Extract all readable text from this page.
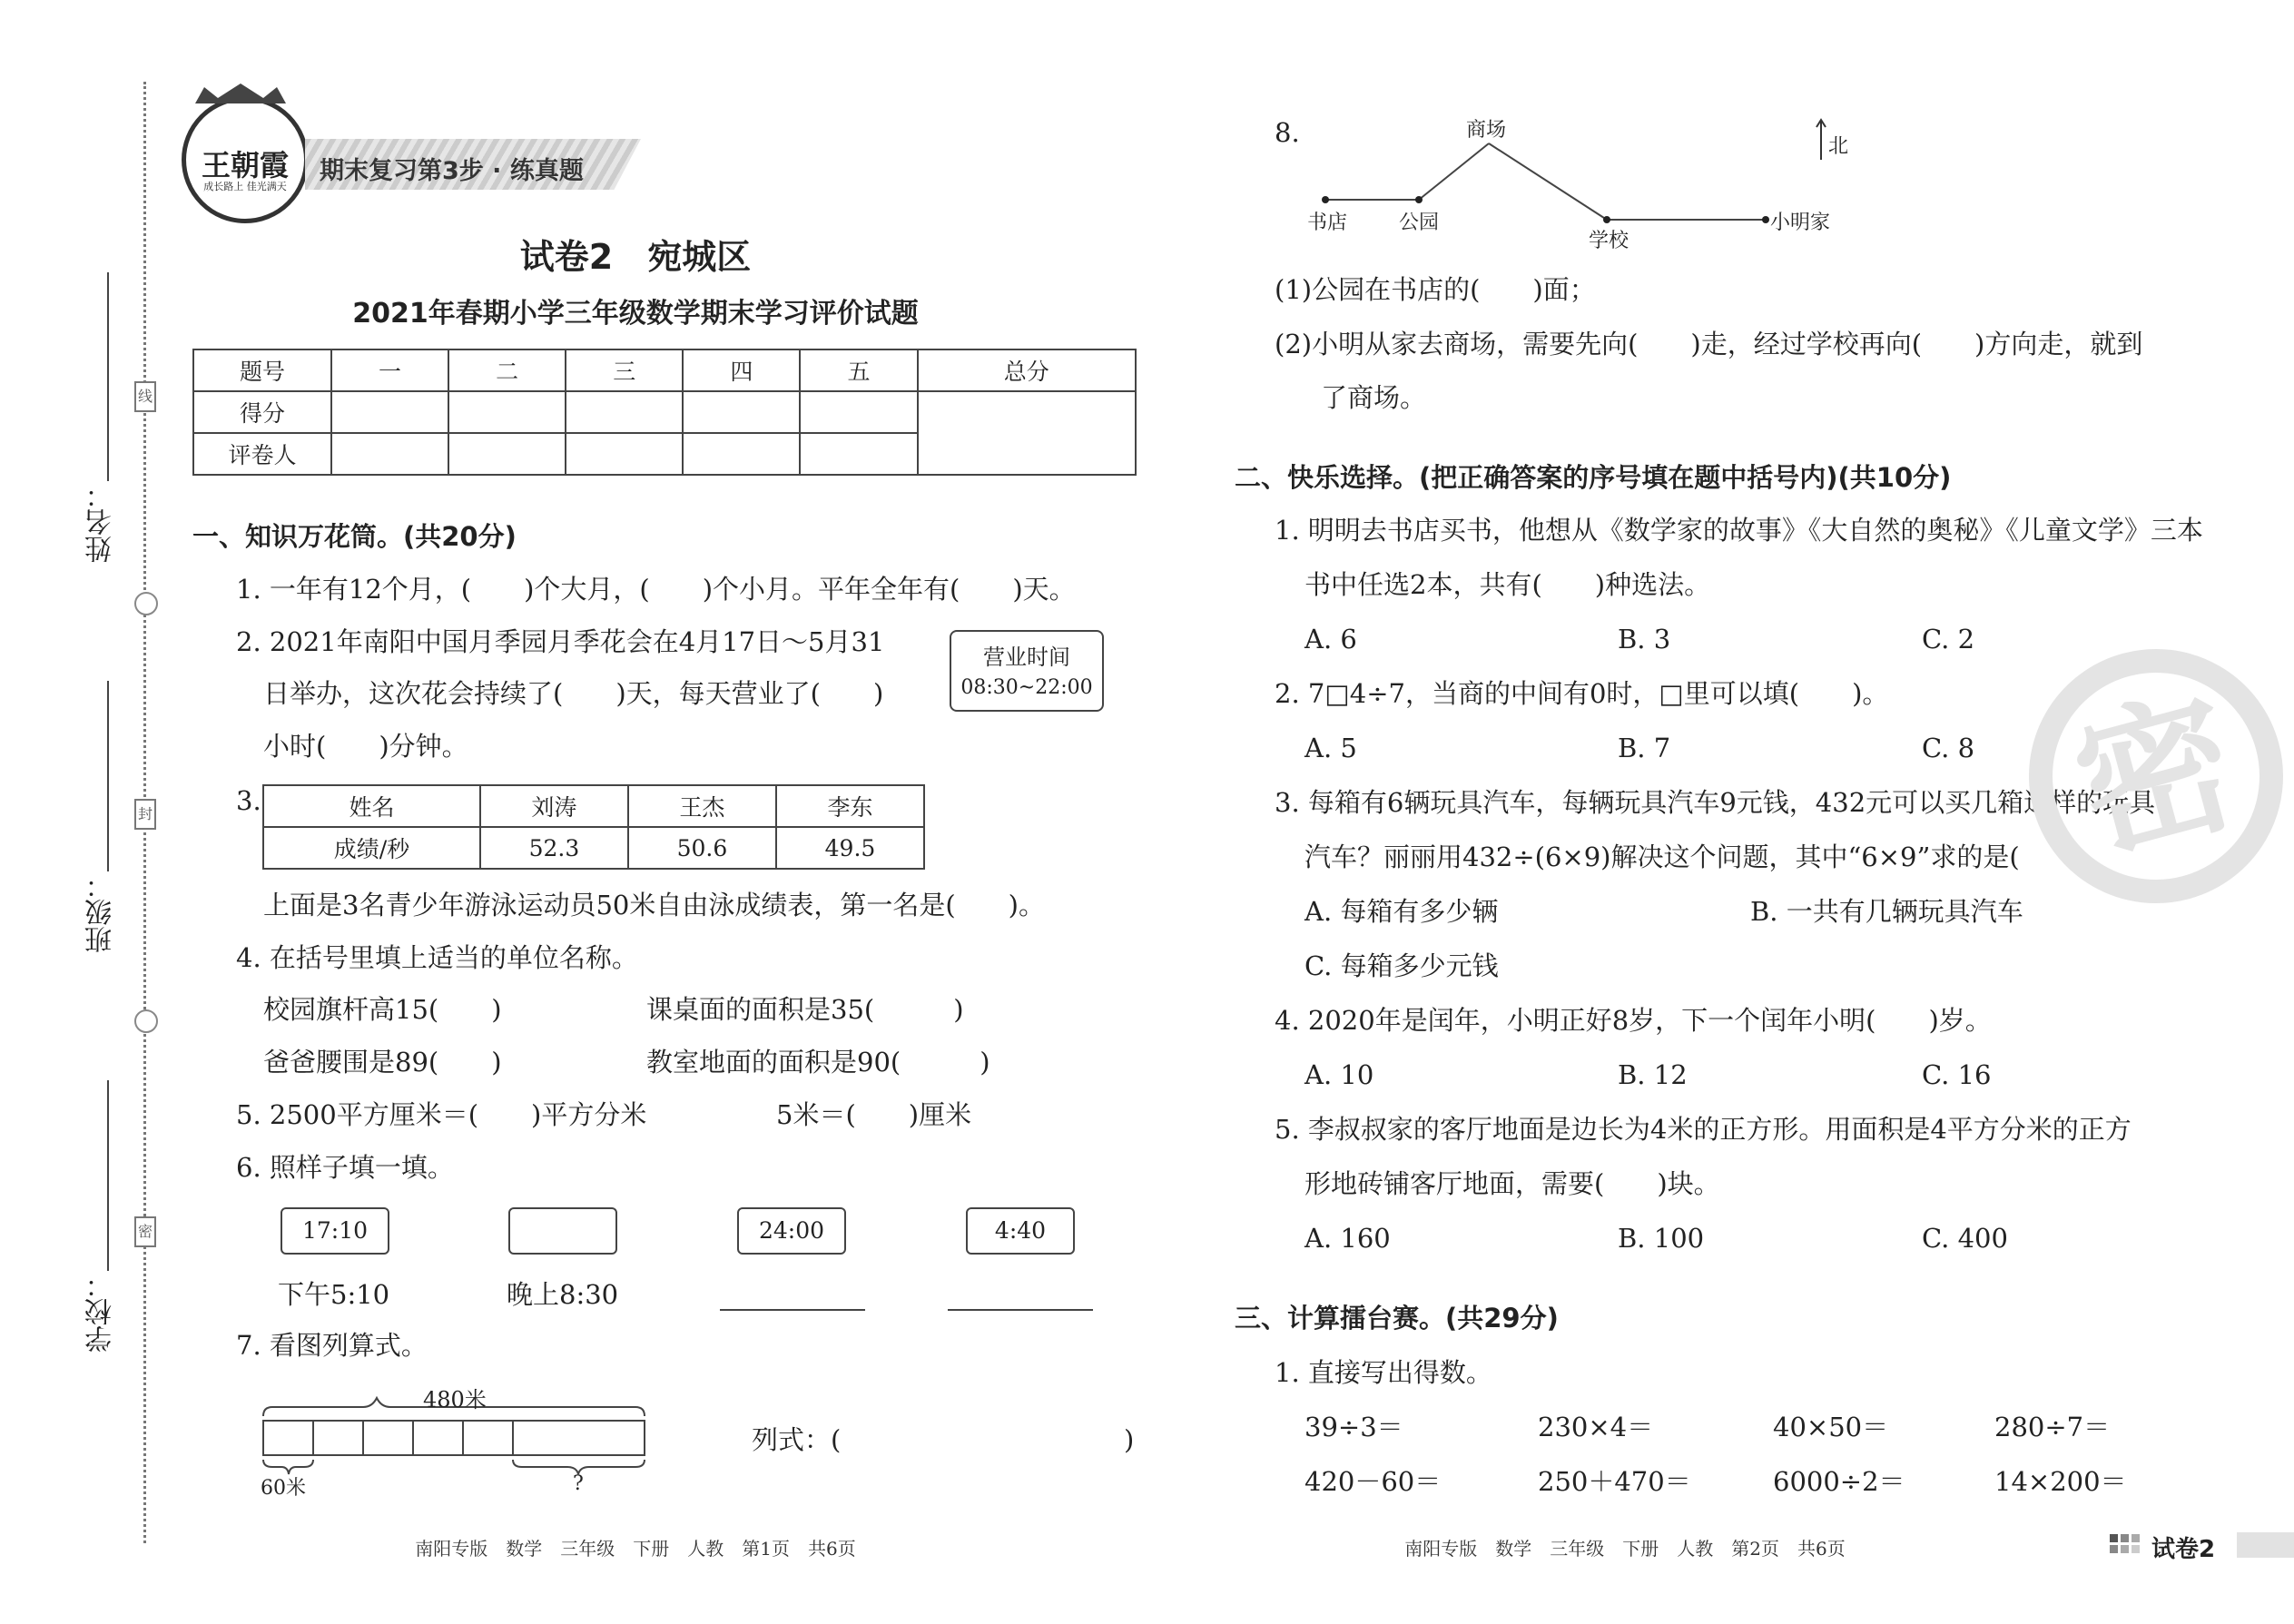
线
封
密
姓名：
班级：
学校：
王朝霞
成长路上 佳光满天
期末复习第3步 · 练真题
试卷2　宛城区
2021年春期小学三年级数学期末学习评价试题
题号	一	二	三	四	五	总分
得分						
评卷人						
一、知识万花筒。(共20分)
1. 一年有12个月，(　　)个大月，(　　)个小月。平年全年有(　　)天。
2. 2021年南阳中国月季园月季花会在4月17日～5月31
日举办，这次花会持续了(　　)天，每天营业了(　　)
小时(　　)分钟。
营业时间
08:30~22:00
3.	姓名	刘涛	王杰	李东
成绩/秒	52.3	50.6	49.5
上面是3名青少年游泳运动员50米自由泳成绩表，第一名是(　　)。
4. 在括号里填上适当的单位名称。
校园旗杆高15(　　)	课桌面的面积是35(　　　)
爸爸腰围是89(　　)	教室地面的面积是90(　　　)
5. 2500平方厘米＝(　　)平方分米	5米＝(　　)厘米
6. 照样子填一填。
17:10	24:00	4:40
下午5:10	晚上8:30
7. 看图列算式。
480米
60米	?
列式：(	)
8.	商场
书店	公园
学校
小明家
北
(1)公园在书店的(　　)面；
(2)小明从家去商场，需要先向(　　)走，经过学校再向(　　)方向走，就到
了商场。
二、快乐选择。(把正确答案的序号填在题中括号内)(共10分)
1. 明明去书店买书，他想从《数学家的故事》《大自然的奥秘》《儿童文学》三本
书中任选2本，共有(　　)种选法。
A. 6	B. 3	C. 2
2. 7□4÷7，当商的中间有0时，□里可以填(　　)。
A. 5	B. 7	C. 8
3. 每箱有6辆玩具汽车，每辆玩具汽车9元钱，432元可以买几箱这样的玩具
汽车？丽丽用432÷(6×9)解决这个问题，其中“6×9”求的是(　　)。
A. 每箱有多少辆	B. 一共有几辆玩具汽车
C. 每箱多少元钱
4. 2020年是闰年，小明正好8岁，下一个闰年小明(　　)岁。
A. 10	B. 12	C. 16
5. 李叔叔家的客厅地面是边长为4米的正方形。用面积是4平方分米的正方
形地砖铺客厅地面，需要(　　)块。
A. 160	B. 100	C. 400
三、计算擂台赛。(共29分)
1. 直接写出得数。
39÷3＝	230×4＝	40×50＝	280÷7＝
420－60＝	250＋470＝	6000÷2＝	14×200＝
密
南阳专版　数学　三年级　下册　人教　第1页　共6页	南阳专版　数学　三年级　下册　人教　第2页　共6页	试卷2
